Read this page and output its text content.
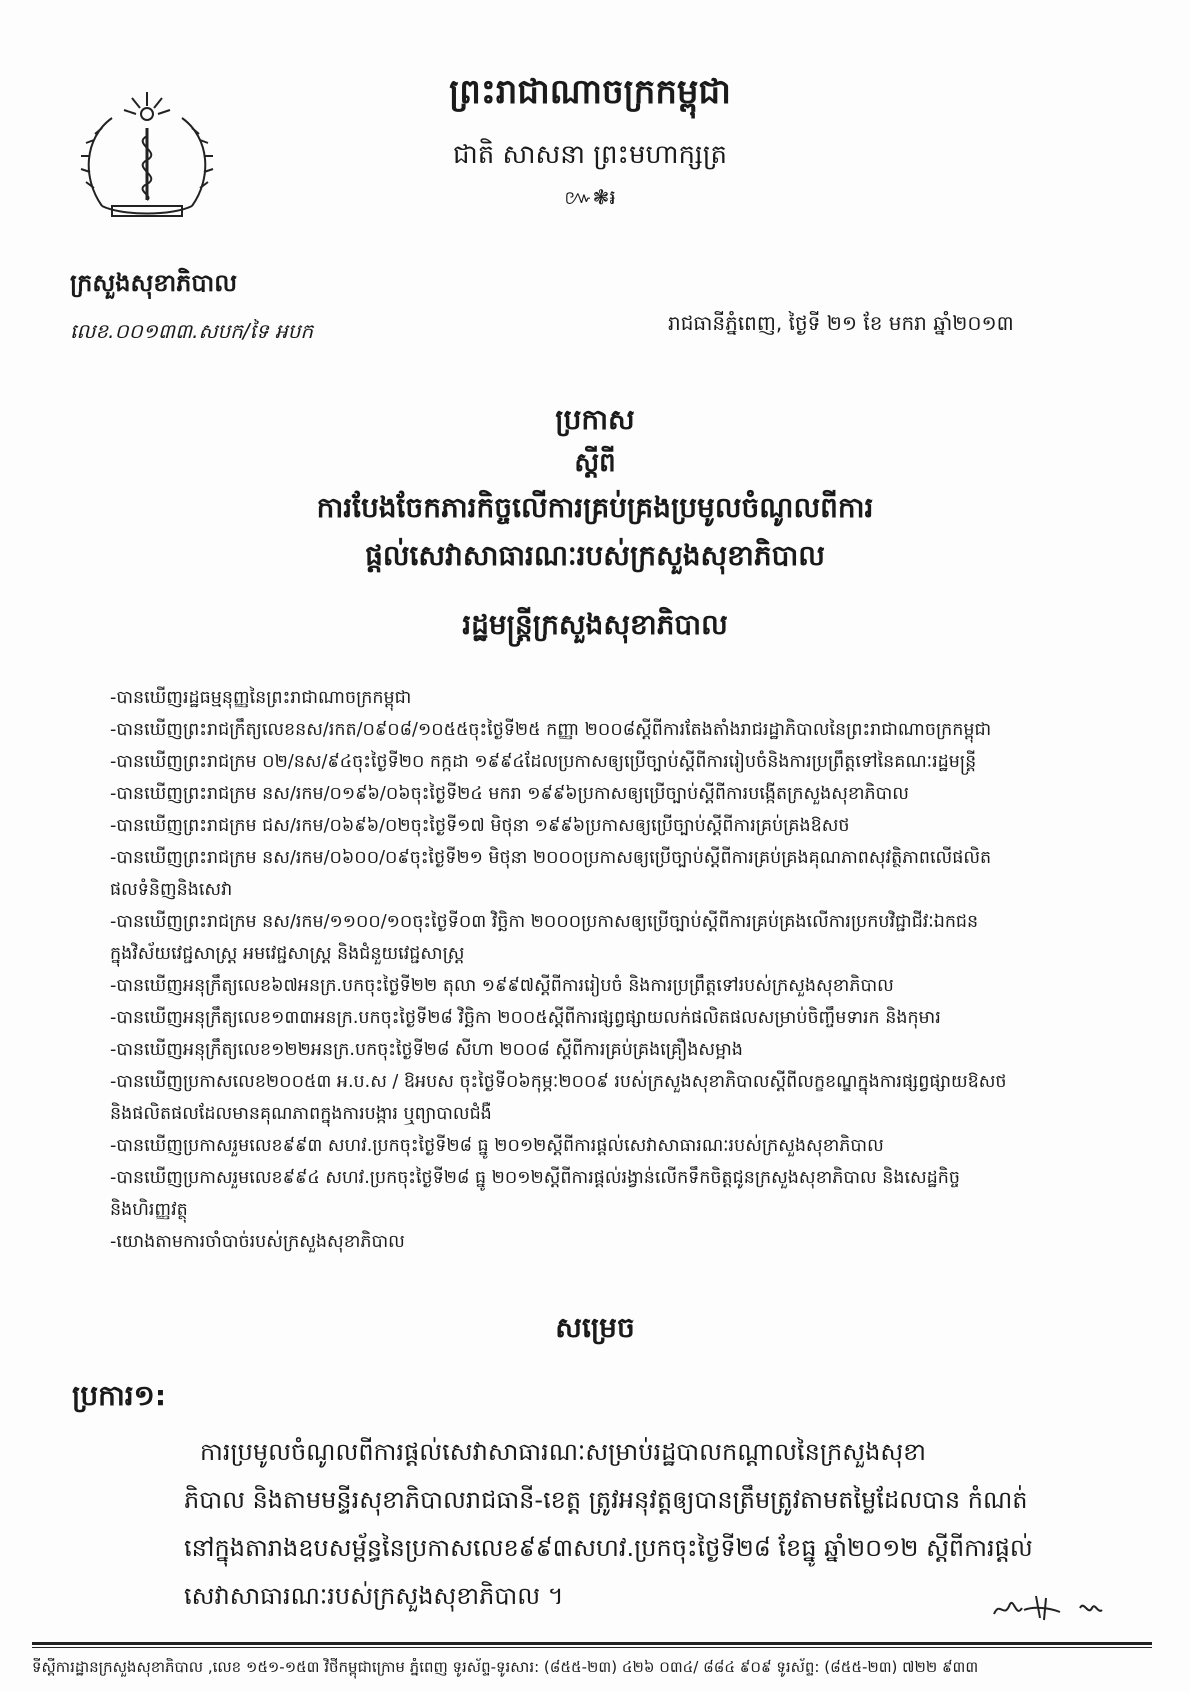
ក្រសួងសុខាភិបាល
លេខ.០០១៣៣.សបក/ទៃ អបក
ព្រះរាជាណាចក្រកម្ពុជា
ជាតិ សាសនា ព្រះមហាក្សត្រ
៚❃៛
រាជធានីភ្នំពេញ, ថ្ងៃទី ២១ ខែ មករា ឆ្នាំ២០១៣
ប្រកាស
ស្តីពី
ការបែងចែកភារកិច្ចលើការគ្រប់គ្រងប្រមូលចំណូលពីការ
ផ្តល់សេវាសាធារណៈរបស់ក្រសួងសុខាភិបាល
រដ្ឋមន្ត្រីក្រសួងសុខាភិបាល
-បានឃើញរដ្ឋធម្មនុញ្ញនៃព្រះរាជាណាចក្រកម្ពុជា
-បានឃើញព្រះរាជក្រឹត្យលេខនស/រកត/០៩០៨/១០៥៥ចុះថ្ងៃទី២៥ កញ្ញា ២០០៨ស្តីពីការតែងតាំងរាជរដ្ឋាភិបាលនៃព្រះរាជាណាចក្រកម្ពុជា
-បានឃើញព្រះរាជក្រម ០២/នស/៩៤ចុះថ្ងៃទី២០ កក្កដា ១៩៩៤ដែលប្រកាសឲ្យប្រើច្បាប់ស្តីពីការរៀបចំនិងការប្រព្រឹត្តទៅនៃគណៈរដ្ឋមន្ត្រី
-បានឃើញព្រះរាជក្រម នស/រកម/០១៩៦/០៦ចុះថ្ងៃទី២៤ មករា ១៩៩៦ប្រកាសឲ្យប្រើច្បាប់ស្តីពីការបង្កើតក្រសួងសុខាភិបាល
-បានឃើញព្រះរាជក្រម ជស/រកម/០៦៩៦/០២ចុះថ្ងៃទី១៧ មិថុនា ១៩៩៦ប្រកាសឲ្យប្រើច្បាប់ស្តីពីការគ្រប់គ្រងឱសថ
-បានឃើញព្រះរាជក្រម នស/រកម/០៦០០/០៩ចុះថ្ងៃទី២១ មិថុនា ២០០០ប្រកាសឲ្យប្រើច្បាប់ស្តីពីការគ្រប់គ្រងគុណភាពសុវត្ថិភាពលើផលិត
ផលទំនិញនិងសេវា
-បានឃើញព្រះរាជក្រម នស/រកម/១១០០/១០ចុះថ្ងៃទី០៣ វិច្ឆិកា ២០០០ប្រកាសឲ្យប្រើច្បាប់ស្តីពីការគ្រប់គ្រងលើការប្រកបវិជ្ជាជីវៈឯកជន
ក្នុងវិស័យវេជ្ជសាស្ត្រ អមវេជ្ជសាស្ត្រ និងជំនួយវេជ្ជសាស្ត្រ
-បានឃើញអនុក្រឹត្យលេខ៦៧អនក្រ.បកចុះថ្ងៃទី២២ តុលា ១៩៩៧ស្តីពីការរៀបចំ និងការប្រព្រឹត្តទៅរបស់ក្រសួងសុខាភិបាល
-បានឃើញអនុក្រឹត្យលេខ១៣៣អនក្រ.បកចុះថ្ងៃទី២៨ វិច្ឆិកា ២០០៥ស្តីពីការផ្សព្វផ្សាយលក់ផលិតផលសម្រាប់ចិញ្ចឹមទារក និងកុមារ
-បានឃើញអនុក្រឹត្យលេខ១២២អនក្រ.បកចុះថ្ងៃទី២៨ សីហា ២០០៨ ស្តីពីការគ្រប់គ្រងគ្រឿងសម្អាង
-បានឃើញប្រកាសលេខ២០០៥៣ អ.ប.ស / ឱអបស ចុះថ្ងៃទី០៦កុម្ភៈ២០០៩ របស់ក្រសួងសុខាភិបាលស្តីពីលក្ខខណ្ឌក្នុងការផ្សព្វផ្សាយឱសថ
និងផលិតផលដែលមានគុណភាពក្នុងការបង្ការ ឬព្យាបាលជំងឺ
-បានឃើញប្រកាសរួមលេខ៩៩៣ សហវ.ប្រកចុះថ្ងៃទី២៨ ធ្នូ ២០១២ស្តីពីការផ្តល់សេវាសាធារណៈរបស់ក្រសួងសុខាភិបាល
-បានឃើញប្រកាសរួមលេខ៩៩៤ សហវ.ប្រកចុះថ្ងៃទី២៨ ធ្នូ ២០១២ស្តីពីការផ្តល់រង្វាន់លើកទឹកចិត្តជូនក្រសួងសុខាភិបាល និងសេដ្ឋកិច្ច
និងហិរញ្ញវត្ថុ
-យោងតាមការចាំបាច់របស់ក្រសួងសុខាភិបាល
សម្រេច
ប្រការ១:
ការប្រមូលចំណូលពីការផ្តល់សេវាសាធារណៈសម្រាប់រដ្ឋបាលកណ្តាលនៃក្រសួងសុខា
ភិបាល និងតាមមន្ទីរសុខាភិបាលរាជធានី-ខេត្ត ត្រូវអនុវត្តឲ្យបានត្រឹមត្រូវតាមតម្លៃដែលបាន កំណត់
នៅក្នុងតារាងឧបសម្ព័ន្ធនៃប្រកាសលេខ៩៩៣សហវ.ប្រកចុះថ្ងៃទី២៨ ខែធ្នូ ឆ្នាំ២០១២ ស្តីពីការផ្តល់
សេវាសាធារណៈរបស់ក្រសួងសុខាភិបាល ។
ទីស្តីការដ្ឋានក្រសួងសុខាភិបាល ,លេខ ១៥១-១៥៣ វិថីកម្ពុជាក្រោម ភ្នំពេញ ទូរស័ព្ទ-ទូរសារ: (៨៥៥-២៣) ៤២៦ ០៣៤/ ៨៨៤ ៩០៩ ទូរស័ព្ទ: (៨៥៥-២៣) ៧២២ ៩៣៣
